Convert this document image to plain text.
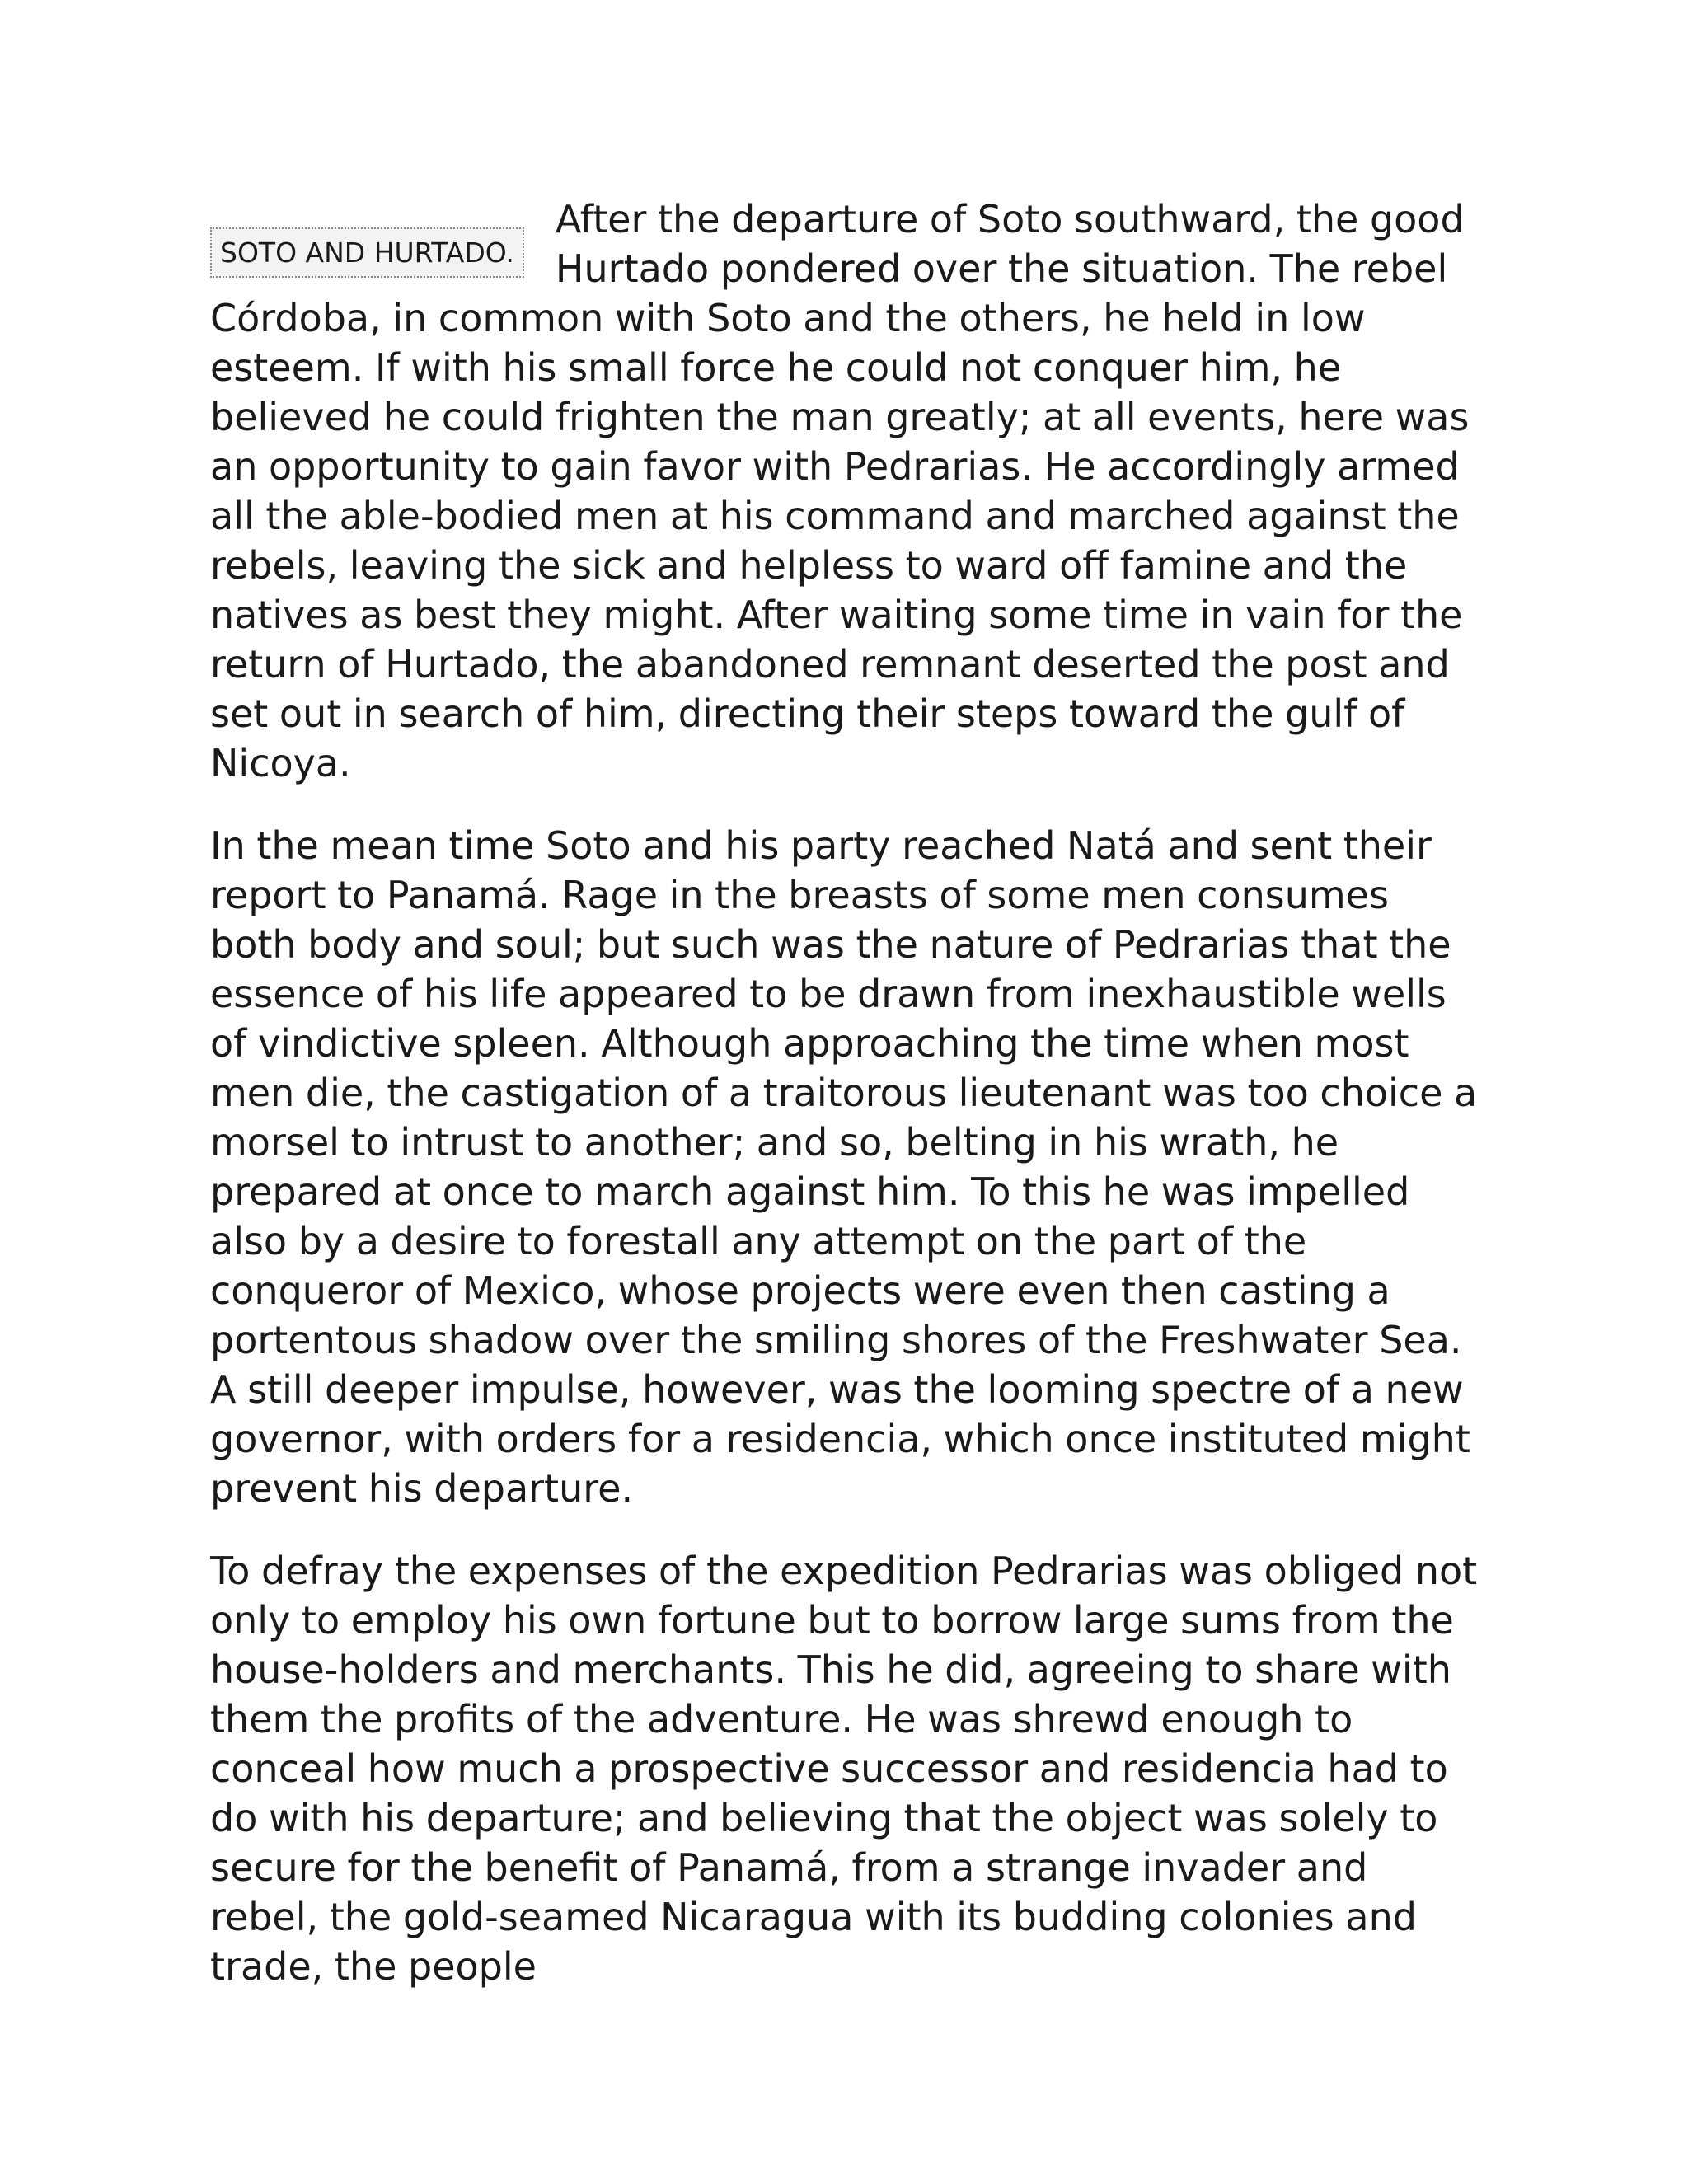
SOTO AND HURTADO.

After the departure of Soto southward, the good Hurtado pondered over the situation. The rebel Córdoba, in common with Soto and the others, he held in low esteem. If with his small force he could not conquer him, he believed he could frighten the man greatly; at all events, here was an opportunity to gain favor with Pedrarias. He accordingly armed all the able-bodied men at his command and marched against the rebels, leaving the sick and helpless to ward off famine and the natives as best they might. After waiting some time in vain for the return of Hurtado, the abandoned remnant deserted the post and set out in search of him, directing their steps toward the gulf of Nicoya.

In the mean time Soto and his party reached Natá and sent their report to Panamá. Rage in the breasts of some men consumes both body and soul; but such was the nature of Pedrarias that the essence of his life appeared to be drawn from inexhaustible wells of vindictive spleen. Although approaching the time when most men die, the castigation of a traitorous lieutenant was too choice a morsel to intrust to another; and so, belting in his wrath, he prepared at once to march against him. To this he was impelled also by a desire to forestall any attempt on the part of the conqueror of Mexico, whose projects were even then casting a portentous shadow over the smiling shores of the Freshwater Sea. A still deeper impulse, however, was the looming spectre of a new governor, with orders for a residencia, which once instituted might prevent his departure.

To defray the expenses of the expedition Pedrarias was obliged not only to employ his own fortune but to borrow large sums from the house-holders and merchants. This he did, agreeing to share with them the profits of the adventure. He was shrewd enough to conceal how much a prospective successor and residencia had to do with his departure; and believing that the object was solely to secure for the benefit of Panamá, from a strange invader and rebel, the gold-seamed Nicaragua with its budding colonies and trade, the people
